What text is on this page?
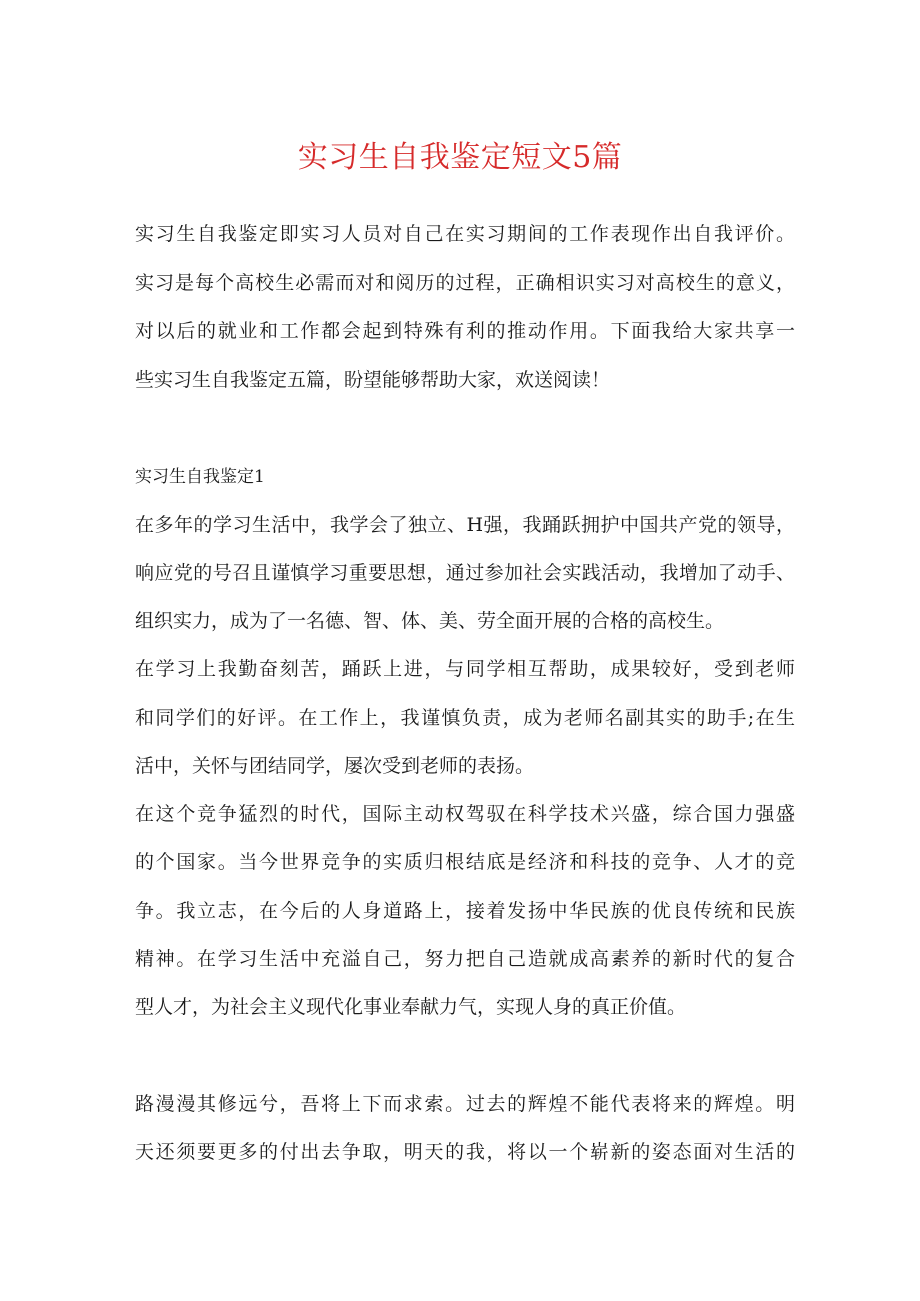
实习生自我鉴定短文5篇
实习生自我鉴定即实习人员对自己在实习期间的工作表现作出自我评价。
实习是每个高校生必需而对和阅历的过程，正确相识实习对高校生的意义，
对以后的就业和工作都会起到特殊有利的推动作用。下面我给大家共享一
些实习生自我鉴定五篇，盼望能够帮助大家，欢送阅读！
实习生自我鉴定1
在多年的学习生活中，我学会了独立、H强，我踊跃拥护中国共产党的领导，
响应党的号召且谨慎学习重要思想，通过参加社会实践活动，我增加了动手、
组织实力，成为了一名德、智、体、美、劳全面开展的合格的高校生。
在学习上我勤奋刻苦，踊跃上进，与同学相互帮助，成果较好，受到老师
和同学们的好评。在工作上，我谨慎负责，成为老师名副其实的助手;在生
活中，关怀与团结同学，屡次受到老师的表扬。
在这个竞争猛烈的时代，国际主动权驾驭在科学技术兴盛，综合国力强盛
的个国家。当今世界竞争的实质归根结底是经济和科技的竞争、人才的竞
争。我立志，在今后的人身道路上，接着发扬中华民族的优良传统和民族
精神。在学习生活中充溢自己，努力把自己造就成高素养的新时代的复合
型人才，为社会主义现代化事业奉献力气，实现人身的真正价值。
路漫漫其修远兮，吾将上下而求索。过去的辉煌不能代表将来的辉煌。明
天还须要更多的付出去争取，明天的我，将以一个崭新的姿态面对生活的
